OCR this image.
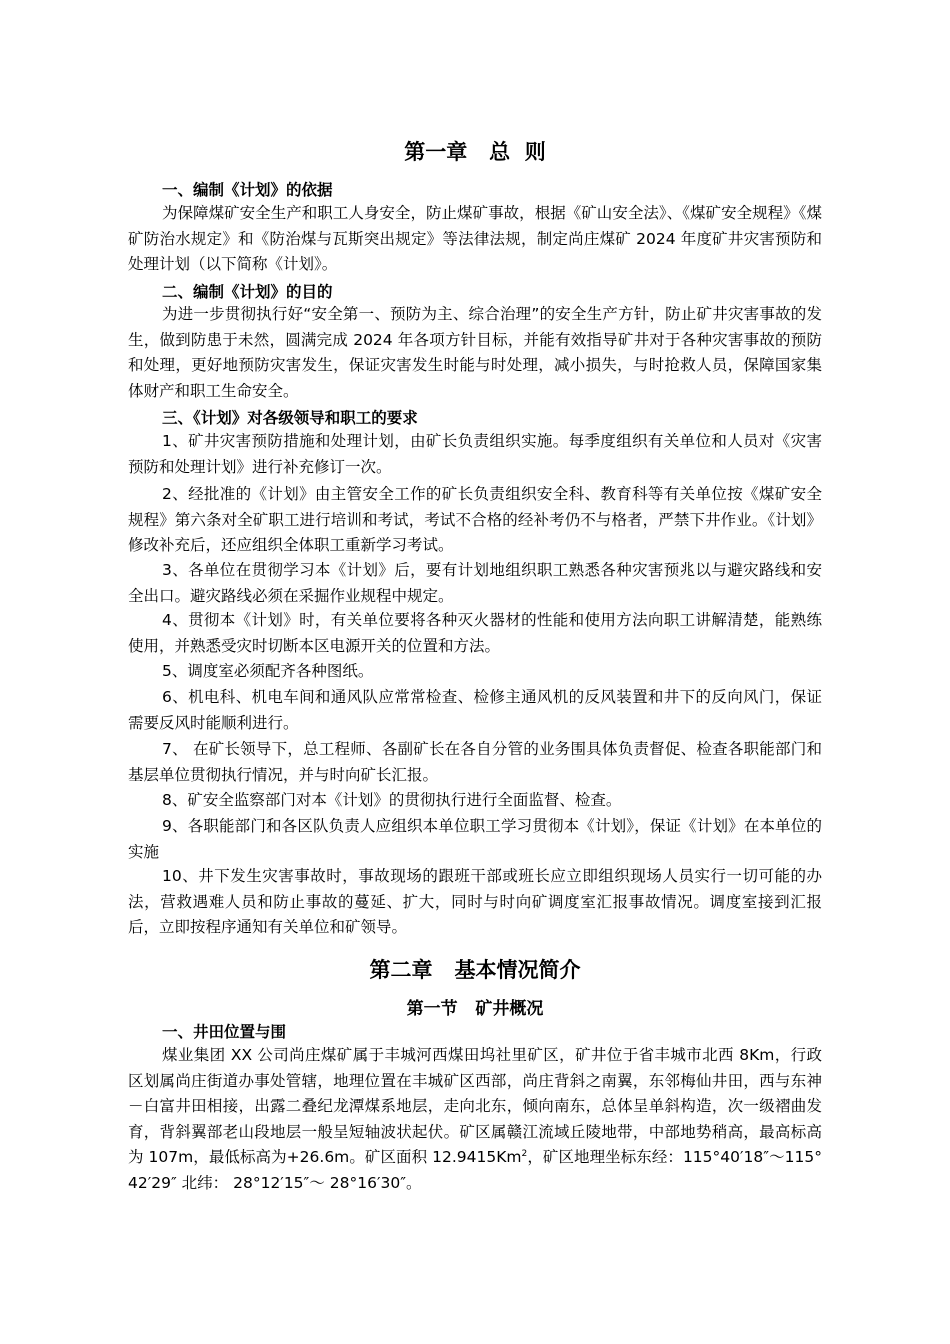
第一章   总  则
一、编制《计划》的依据

为保障煤矿安全生产和职工人身安全，防止煤矿事故，根据《矿山安全法》、《煤矿安全规程》《煤矿防治水规定》和《防治煤与瓦斯突出规定》等法律法规，制定尚庄煤矿 2024 年度矿井灾害预防和处理计划（以下简称《计划》。

二、编制《计划》的目的

为进一步贯彻执行好“安全第一、预防为主、综合治理”的安全生产方针，防止矿井灾害事故的发生，做到防患于未然，圆满完成 2024 年各项方针目标，并能有效指导矿井对于各种灾害事故的预防和处理，更好地预防灾害发生，保证灾害发生时能与时处理，减小损失，与时抢救人员，保障国家集体财产和职工生命安全。

三、《计划》对各级领导和职工的要求

1、矿井灾害预防措施和处理计划，由矿长负责组织实施。每季度组织有关单位和人员对《灾害预防和处理计划》进行补充修订一次。

2、经批准的《计划》由主管安全工作的矿长负责组织安全科、教育科等有关单位按《煤矿安全规程》第六条对全矿职工进行培训和考试，考试不合格的经补考仍不与格者，严禁下井作业。《计划》修改补充后，还应组织全体职工重新学习考试。

3、各单位在贯彻学习本《计划》后，要有计划地组织职工熟悉各种灾害预兆以与避灾路线和安全出口。避灾路线必须在采掘作业规程中规定。

4、贯彻本《计划》时，有关单位要将各种灭火器材的性能和使用方法向职工讲解清楚，能熟练使用，并熟悉受灾时切断本区电源开关的位置和方法。

5、调度室必须配齐各种图纸。

6、机电科、机电车间和通风队应常常检查、检修主通风机的反风装置和井下的反向风门，保证需要反风时能顺利进行。

7、 在矿长领导下，总工程师、各副矿长在各自分管的业务围具体负责督促、检查各职能部门和基层单位贯彻执行情况，并与时向矿长汇报。

8、矿安全监察部门对本《计划》的贯彻执行进行全面监督、检查。

9、各职能部门和各区队负责人应组织本单位职工学习贯彻本《计划》，保证《计划》在本单位的实施

10、井下发生灾害事故时，事故现场的跟班干部或班长应立即组织现场人员实行一切可能的办法，营救遇难人员和防止事故的蔓延、扩大，同时与时向矿调度室汇报事故情况。调度室接到汇报后，立即按程序通知有关单位和矿领导。

第二章   基本情况简介
第一节   矿井概况
一、井田位置与围

煤业集团 XX 公司尚庄煤矿属于丰城河西煤田坞社里矿区，矿井位于省丰城市北西 8Km，行政区划属尚庄街道办事处管辖，地理位置在丰城矿区西部，尚庄背斜之南翼，东邻梅仙井田，西与东神－白富井田相接，出露二叠纪龙潭煤系地层，走向北东，倾向南东，总体呈单斜构造，次一级褶曲发育，背斜翼部老山段地层一般呈短轴波状起伏。矿区属赣江流域丘陵地带，中部地势稍高，最高标高为 107m，最低标高为+26.6m。矿区面积 12.9415Km$^2$，矿区地理坐标东经：115°40′18″～115°42′29″ 北纬： 28°12′15″～ 28°16′30″。
